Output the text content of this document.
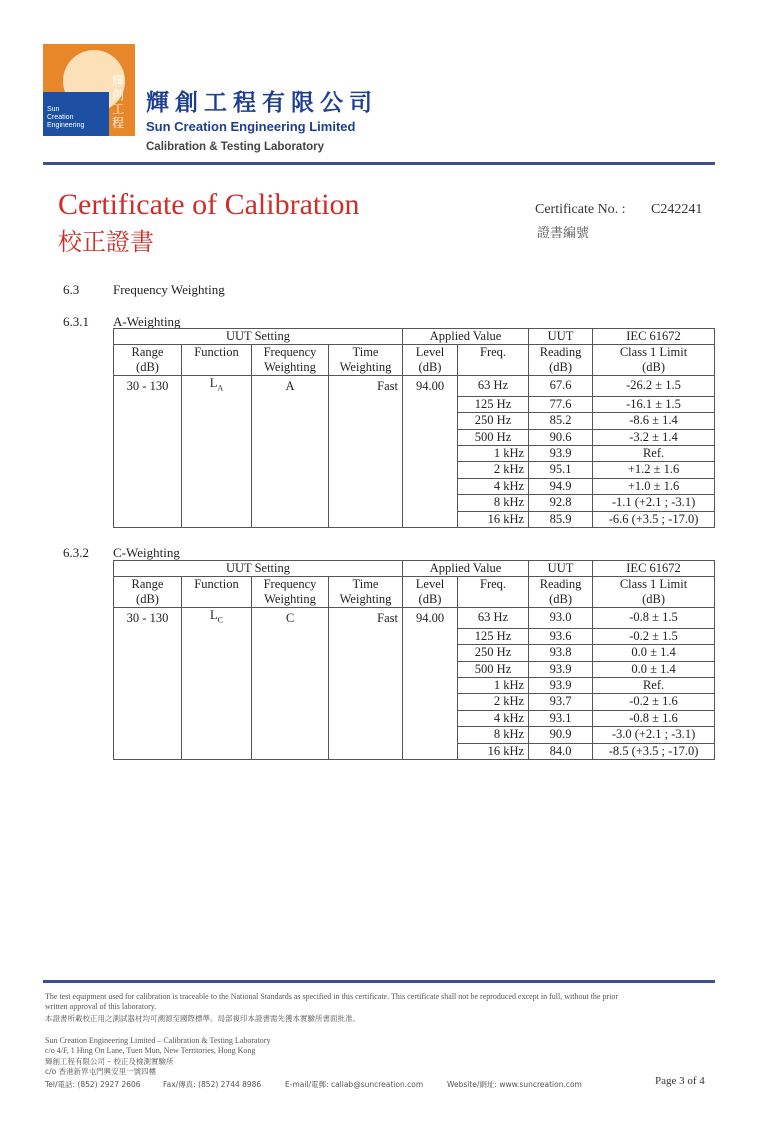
Sun
Creation
Engineering
輝
創
工
程
輝創工程有限公司
Sun Creation Engineering Limited
Calibration & Testing Laboratory
Certificate of Calibration
校正證書
Certificate No. : C242241
證書編號
6.3	Frequency Weighting
6.3.1 A-Weighting
UUT Setting				Applied Value		UUT	IEC 61672
Range	Function	Frequency	Time	Level	Freq.	Reading	Class 1 Limit
(dB)		Weighting	Weighting	(dB)		(dB)	(dB)
30 - 130	$L_A$	A	Fast	94.00	63 Hz	67.6	-26.2 ± 1.5
					125 Hz	77.6	-16.1 ± 1.5
					250 Hz	85.2	-8.6 ± 1.4
					500 Hz	90.6	-3.2 ± 1.4
					1 kHz	93.9	Ref.
					2 kHz	95.1	+1.2 ± 1.6
					4 kHz	94.9	+1.0 ± 1.6
					8 kHz	92.8	-1.1 (+2.1 ; -3.1)
					16 kHz	85.9	-6.6 (+3.5 ; -17.0)
6.3.2 C-Weighting
UUT Setting				Applied Value		UUT	IEC 61672
Range	Function	Frequency	Time	Level	Freq.	Reading	Class 1 Limit
(dB)		Weighting	Weighting	(dB)		(dB)	(dB)
30 - 130	$L_C$	C	Fast	94.00	63 Hz	93.0	-0.8 ± 1.5
					125 Hz	93.6	-0.2 ± 1.5
					250 Hz	93.8	0.0 ± 1.4
					500 Hz	93.9	0.0 ± 1.4
					1 kHz	93.9	Ref.
					2 kHz	93.7	-0.2 ± 1.6
					4 kHz	93.1	-0.8 ± 1.6
					8 kHz	90.9	-3.0 (+2.1 ; -3.1)
					16 kHz	84.0	-8.5 (+3.5 ; -17.0)
The test equipment used for calibration is traceable to the National Standards as specified in this certificate. This certificate shall not be reproduced except in full, without the prior
written approval of this laboratory.
本證書所載校正用之測試器材均可溯源至國際標準。局部複印本證書需先獲本實驗所書面批准。
Sun Creation Engineering Limited – Calibration & Testing Laboratory
c/o 4/F, 1 Hing On Lane, Tuen Mun, New Territories, Hong Kong
輝創工程有限公司 – 校正及檢測實驗所
c/o 香港新界屯門興安里一號四樓
Tel/電話: (852) 2927 2606	Fax/傳真: (852) 2744 8986	E-mail/電郵: callab@suncreation.com	Website/網址: www.suncreation.com	Page 3 of 4
